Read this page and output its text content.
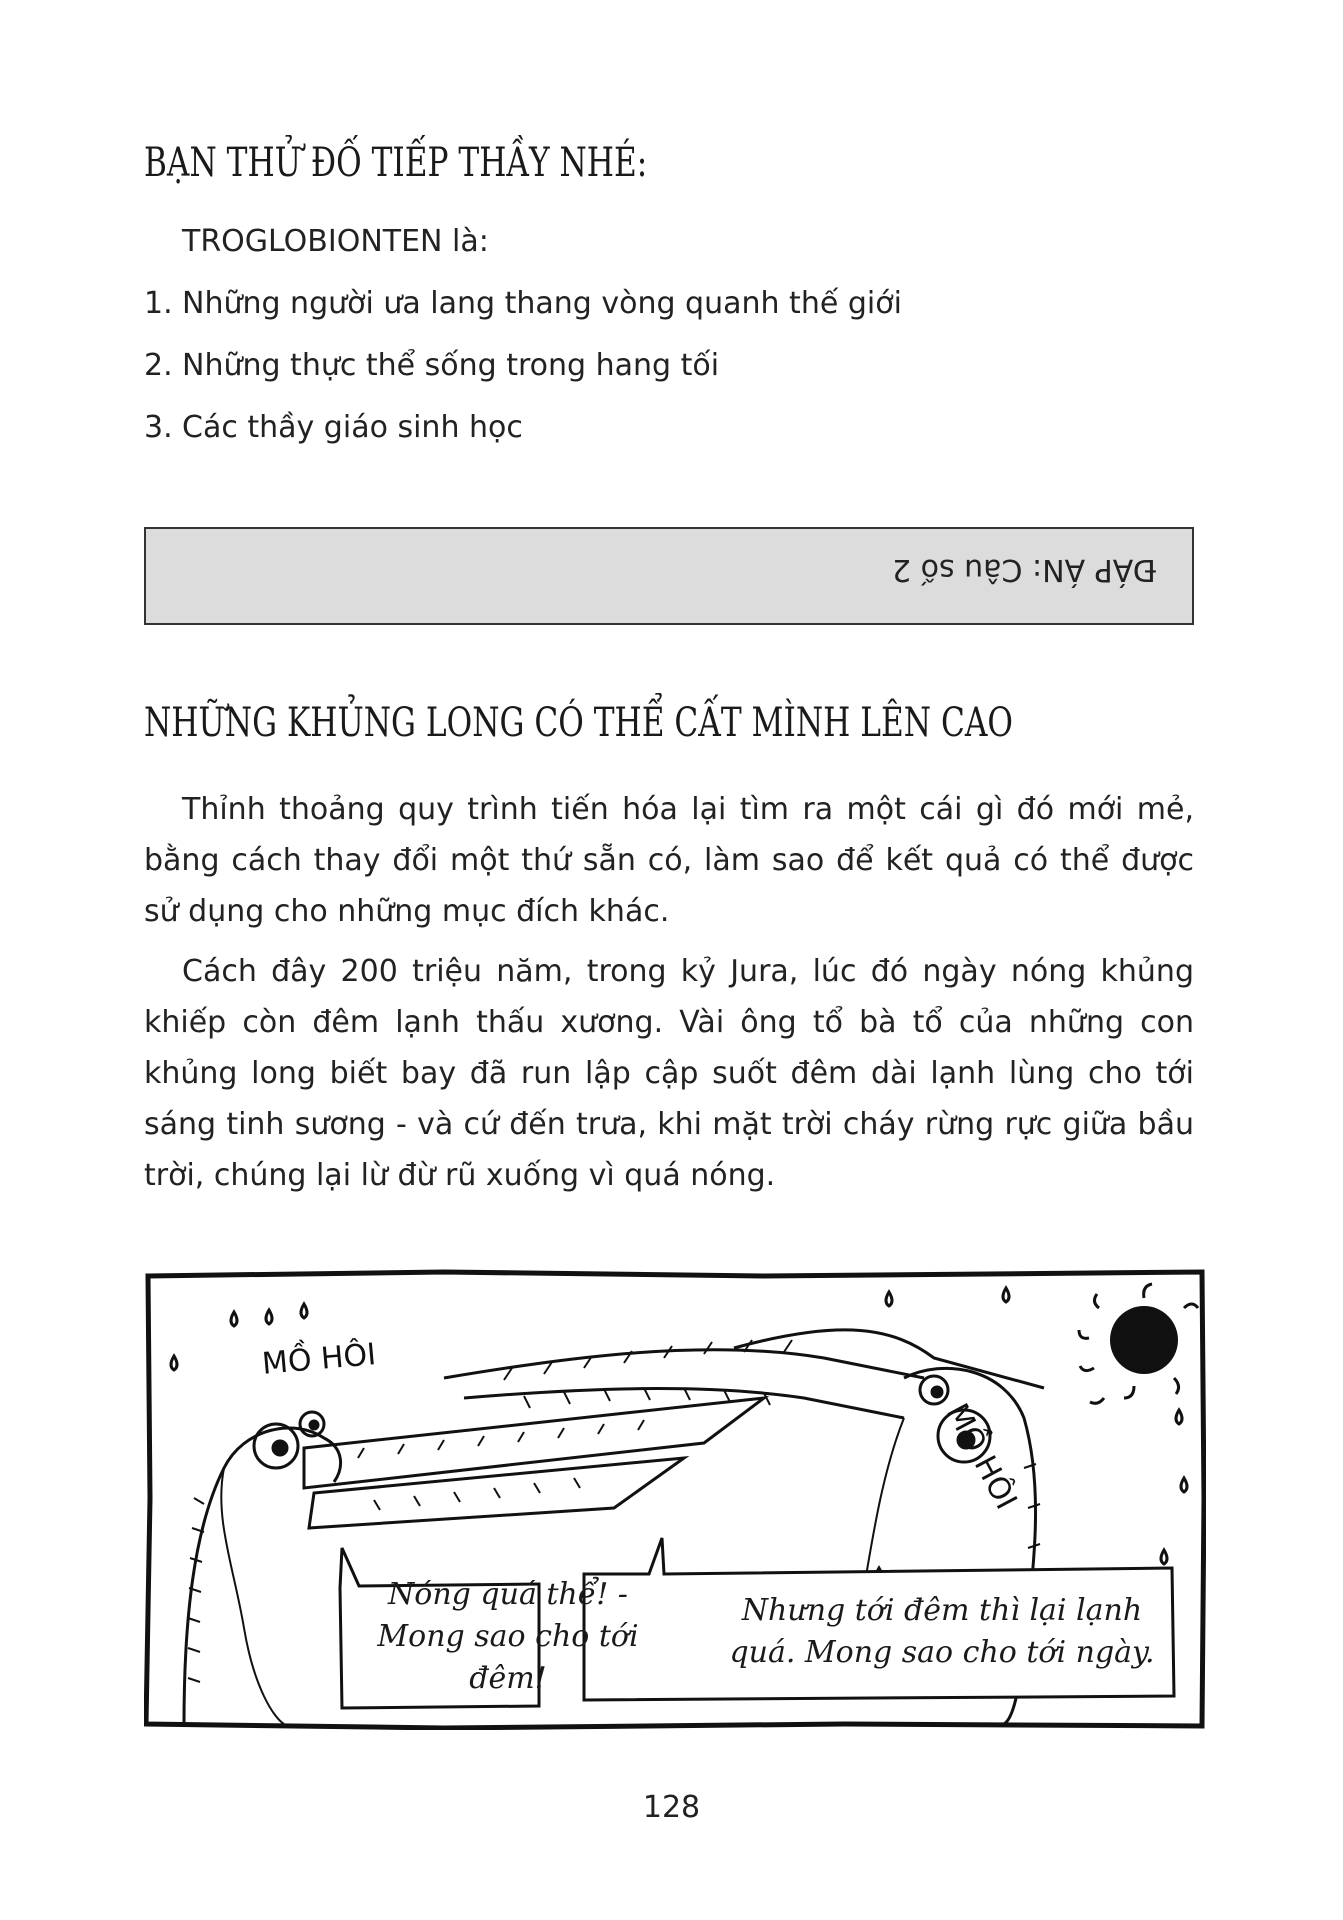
BẠN THỬ ĐỐ TIẾP THẦY NHÉ:
TROGLOBIONTEN là:
1. Những người ưa lang thang vòng quanh thế giới
2. Những thực thể sống trong hang tối
3. Các thầy giáo sinh học
ĐÁP ÁN: Câu số 2
NHỮNG KHỦNG LONG CÓ THỂ CẤT MÌNH LÊN CAO

Thỉnh thoảng quy trình tiến hóa lại tìm ra một cái gì đó mới mẻ, bằng cách thay đổi một thứ sẵn có, làm sao để kết quả có thể được sử dụng cho những mục đích khác.

Cách đây 200 triệu năm, trong kỷ Jura, lúc đó ngày nóng khủng khiếp còn đêm lạnh thấu xương. Vài ông tổ bà tổ của những con khủng long biết bay đã run lập cập suốt đêm dài lạnh lùng cho tới sáng tinh sương - và cứ đến trưa, khi mặt trời cháy rừng rực giữa bầu trời, chúng lại lừ đừ rũ xuống vì quá nóng.

MỒ HÔI
MỒ HÔI
Nóng quá thể! -
Mong sao cho tới
đêm!
Nhưng tới đêm thì lại lạnh
quá. Mong sao cho tới ngày.
128
